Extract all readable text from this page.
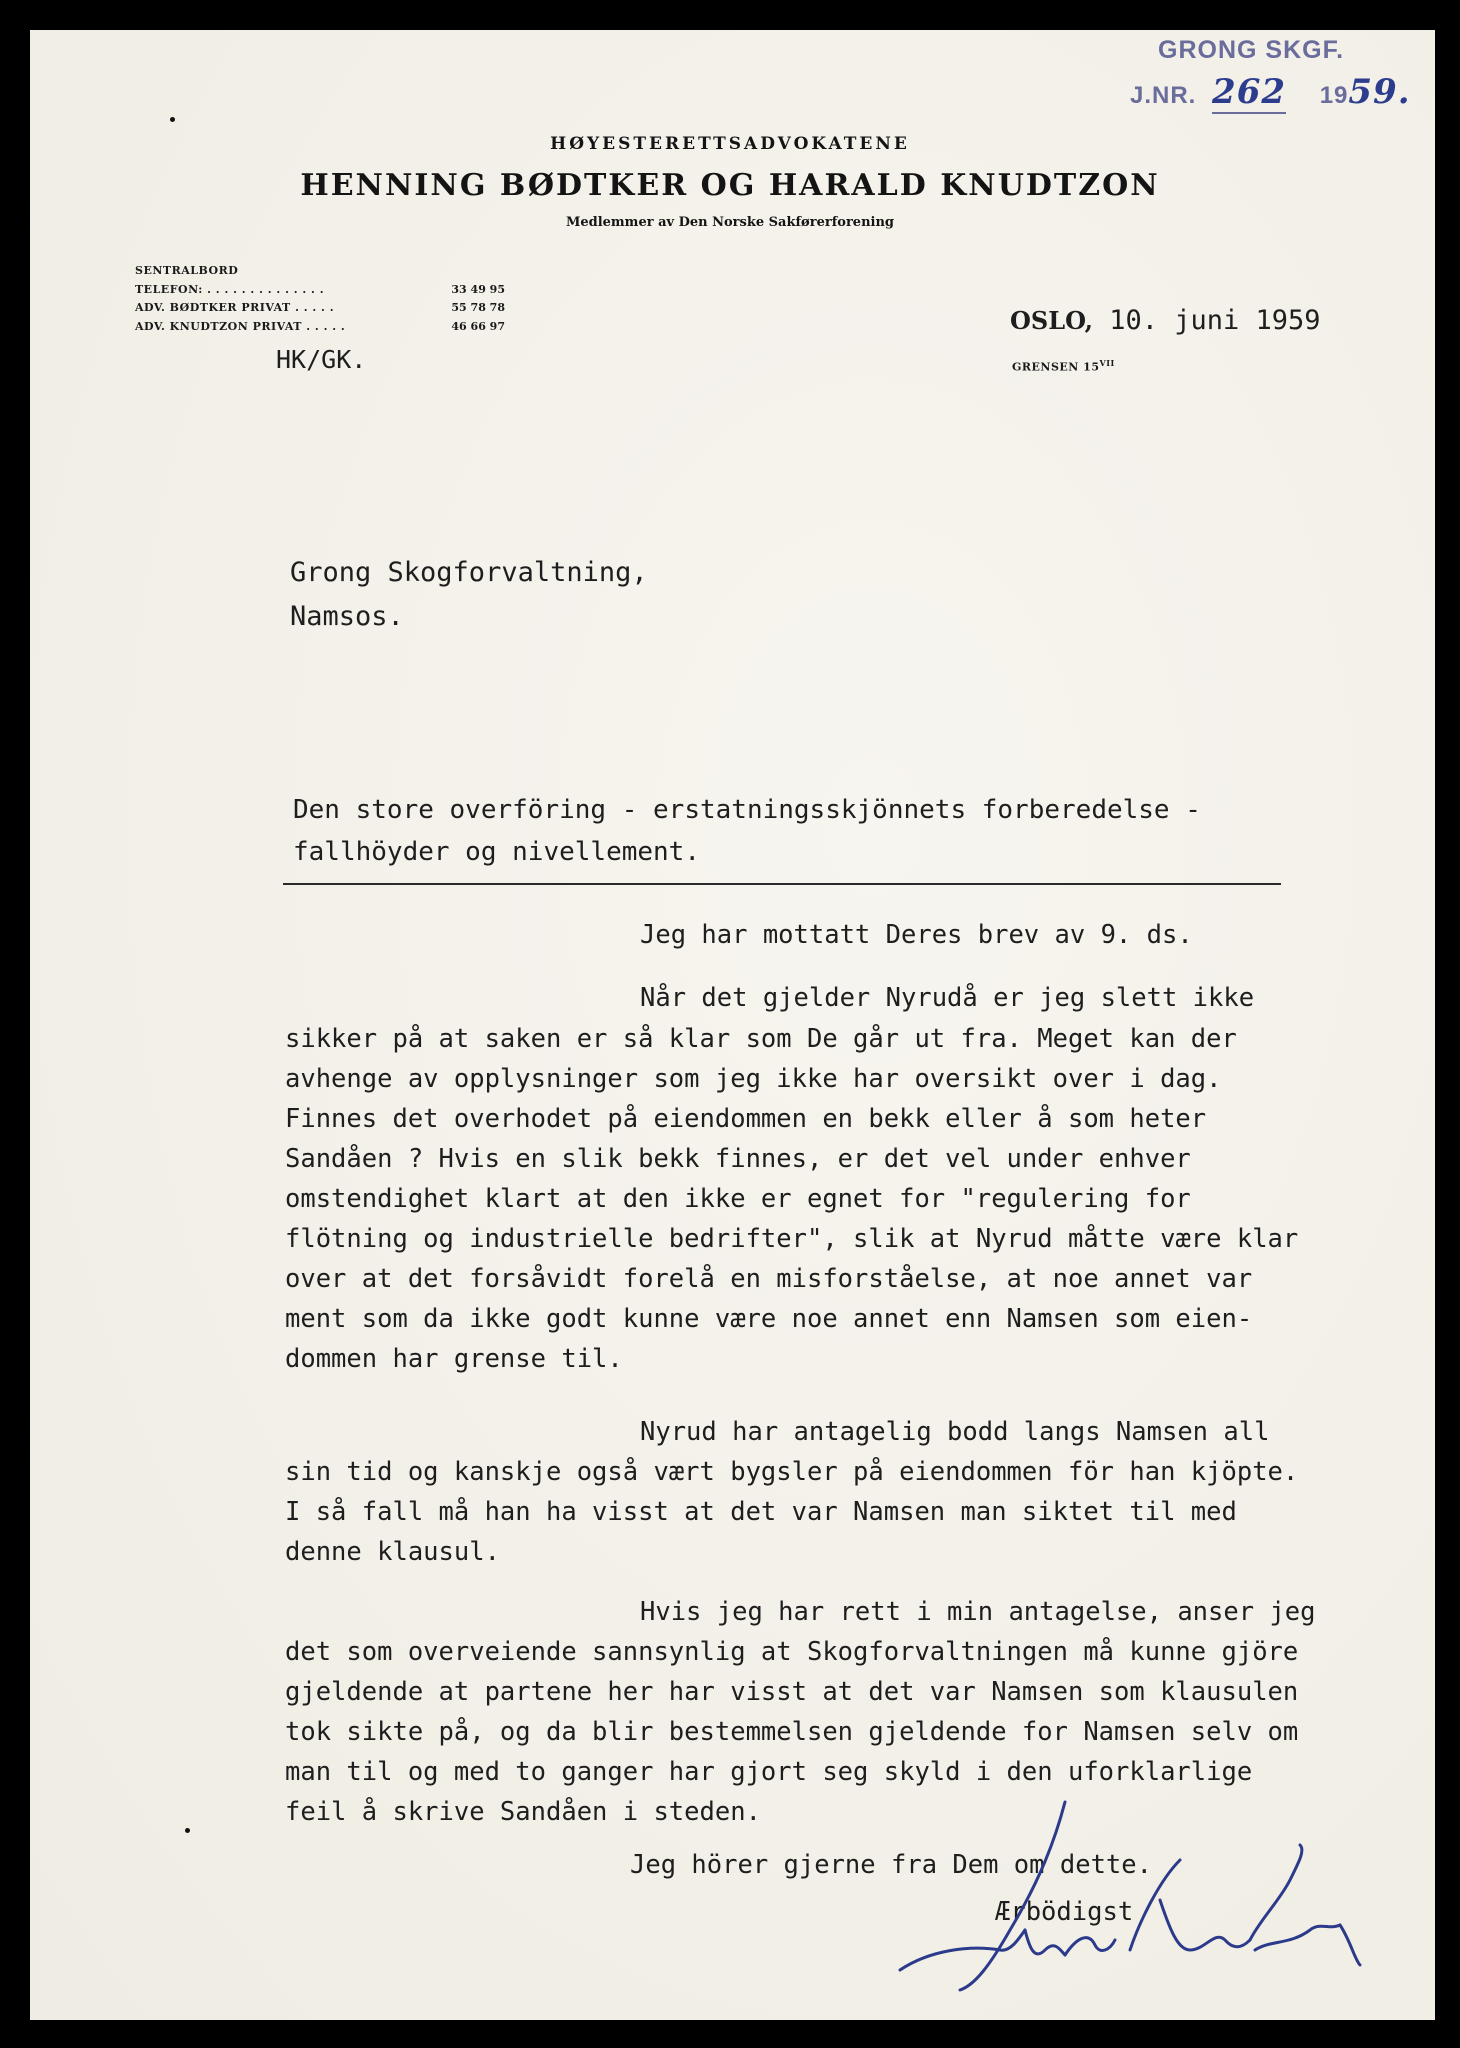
GRONG SKGF.
J.NR. 262 1959.
HØYESTERETTSADVOKATENE
HENNING BØDTKER OG HARALD KNUDTZON
Medlemmer av Den Norske Sakførerforening
SENTRALBORD
TELEFON: . . . . . . . . . . . . . .	33 49 95
ADV. BØDTKER PRIVAT . . . . .	55 78 78
ADV. KNUDTZON PRIVAT . . . . .	46 66 97
HK/GK.
OSLO, 10. juni 1959
GRENSEN $15^{VII}$
Grong Skogforvaltning,
Namsos.
Den store overföring - erstatningsskjönnets forberedelse -
fallhöyder og nivellement.
Jeg har mottatt Deres brev av 9. ds.
Når det gjelder Nyrudå er jeg slett ikke
sikker på at saken er så klar som De går ut fra. Meget kan der
avhenge av opplysninger som jeg ikke har oversikt over i dag.
Finnes det overhodet på eiendommen en bekk eller å som heter
Sandåen ? Hvis en slik bekk finnes, er det vel under enhver
omstendighet klart at den ikke er egnet for "regulering for
flötning og industrielle bedrifter", slik at Nyrud måtte være klar
over at det forsåvidt forelå en misforståelse, at noe annet var
ment som da ikke godt kunne være noe annet enn Namsen som eien-
dommen har grense til.
Nyrud har antagelig bodd langs Namsen all
sin tid og kanskje også vært bygsler på eiendommen för han kjöpte.
I så fall må han ha visst at det var Namsen man siktet til med
denne klausul.
Hvis jeg har rett i min antagelse, anser jeg
det som overveiende sannsynlig at Skogforvaltningen må kunne gjöre
gjeldende at partene her har visst at det var Namsen som klausulen
tok sikte på, og da blir bestemmelsen gjeldende for Namsen selv om
man til og med to ganger har gjort seg skyld i den uforklarlige
feil å skrive Sandåen i steden.
Jeg hörer gjerne fra Dem om dette.
Ærbödigst
